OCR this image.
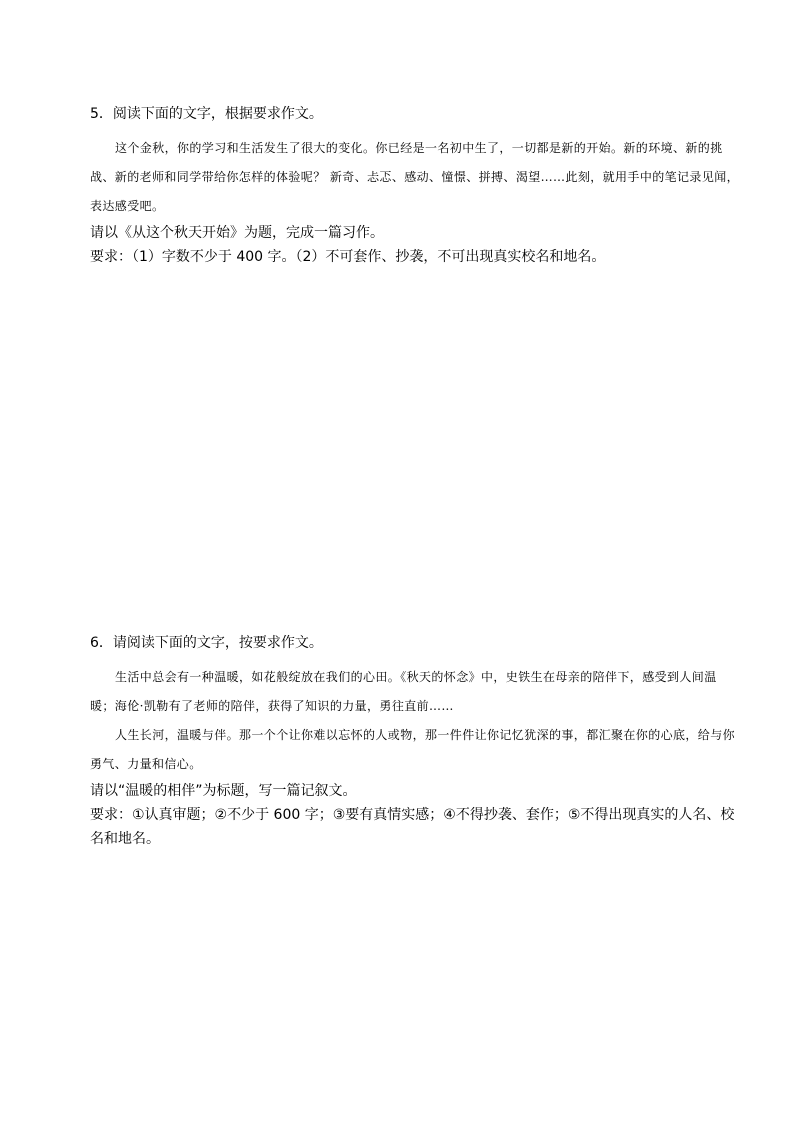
5．阅读下面的文字，根据要求作文。

这个金秋，你的学习和生活发生了很大的变化。你已经是一名初中生了，一切都是新的开始。新的环境、新的挑战、新的老师和同学带给你怎样的体验呢？ 新奇、忐忑、感动、憧憬、拼搏、渴望……此刻，就用手中的笔记录见闻，表达感受吧。

请以《从这个秋天开始》为题，完成一篇习作。

要求：（1）字数不少于 400 字。（2）不可套作、抄袭，不可出现真实校名和地名。

6．请阅读下面的文字，按要求作文。

生活中总会有一种温暖，如花般绽放在我们的心田。《秋天的怀念》中，史铁生在母亲的陪伴下，感受到人间温暖；海伦·凯勒有了老师的陪伴，获得了知识的力量，勇往直前……

人生长河，温暖与伴。那一个个让你难以忘怀的人或物，那一件件让你记忆犹深的事，都汇聚在你的心底，给与你勇气、力量和信心。

请以“温暖的相伴”为标题，写一篇记叙文。

要求：①认真审题；②不少于 600 字；③要有真情实感；④不得抄袭、套作；⑤不得出现真实的人名、校名和地名。
